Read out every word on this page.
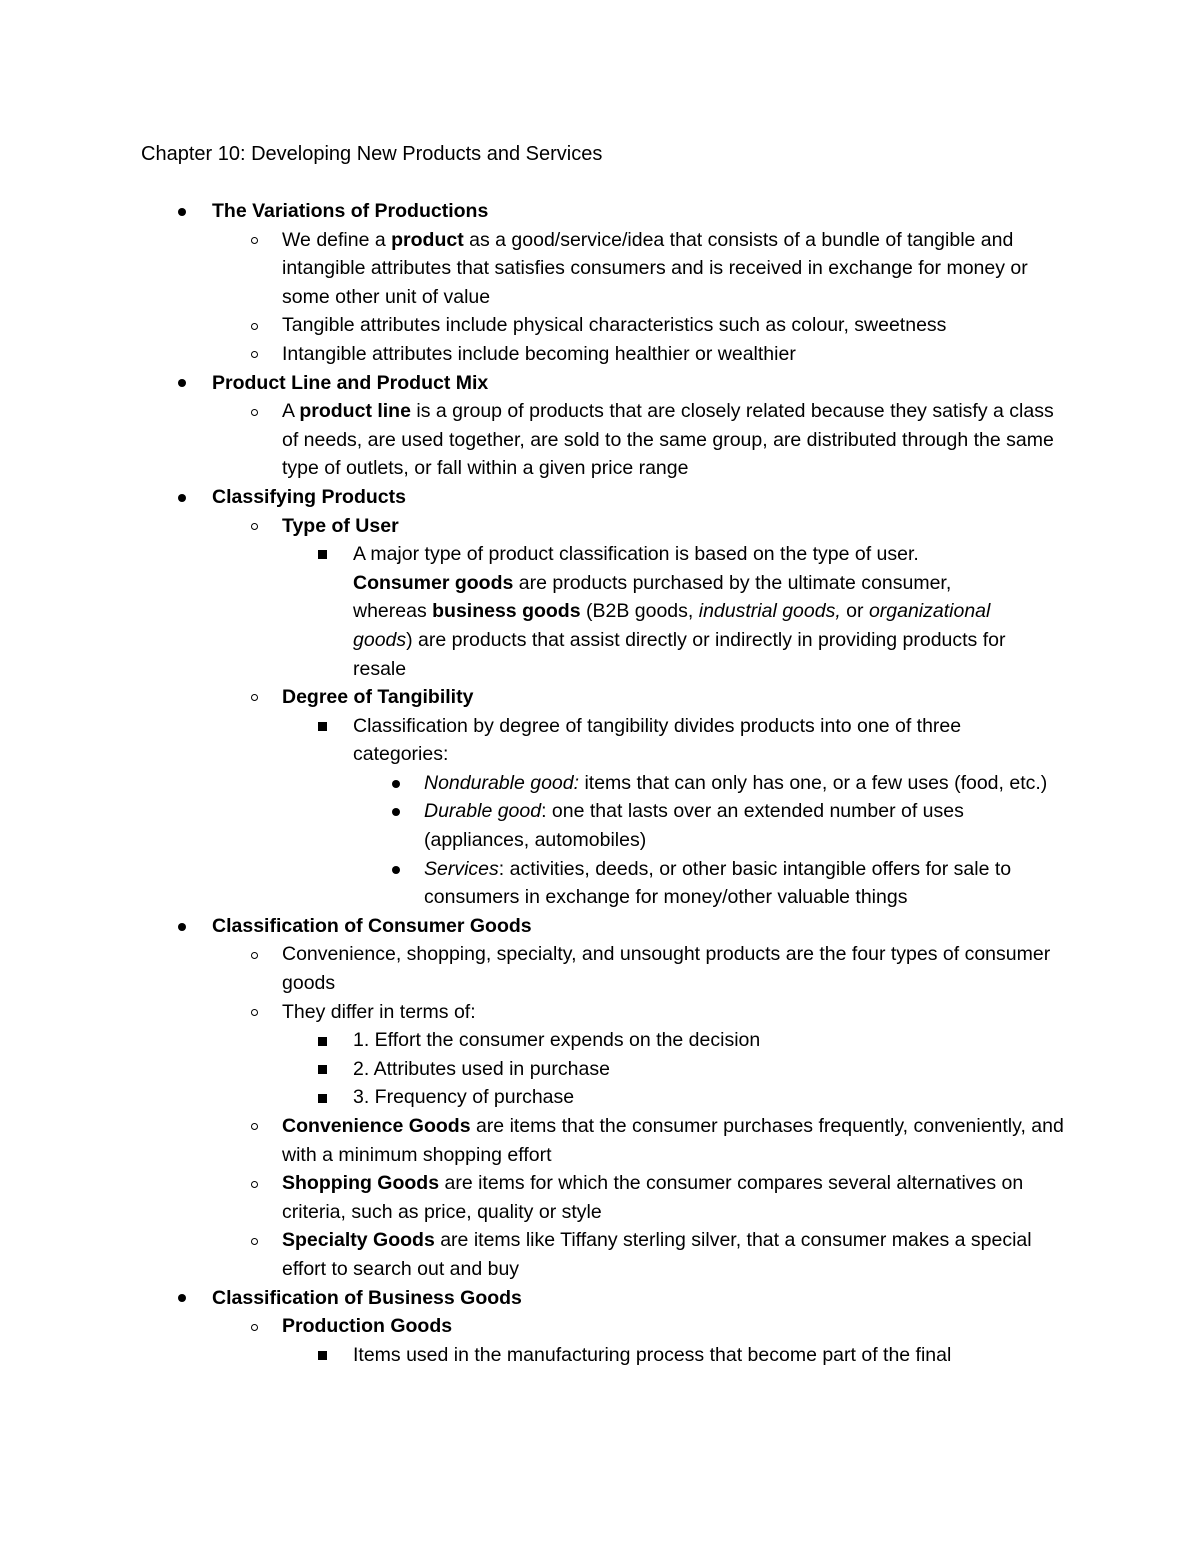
Chapter 10: Developing New Products and Services
The Variations of Productions
We define a product as a good/service/idea that consists of a bundle of tangible and intangible attributes that satisfies consumers and is received in exchange for money or some other unit of value
Tangible attributes include physical characteristics such as colour, sweetness
Intangible attributes include becoming healthier or wealthier
Product Line and Product Mix
A product line is a group of products that are closely related because they satisfy a class of needs, are used together, are sold to the same group, are distributed through the same type of outlets, or fall within a given price range
Classifying Products
Type of User
A major type of product classification is based on the type of user. Consumer goods are products purchased by the ultimate consumer, whereas business goods (B2B goods, industrial goods, or organizational goods) are products that assist directly or indirectly in providing products for resale
Degree of Tangibility
Classification by degree of tangibility divides products into one of three categories:
Nondurable good: items that can only has one, or a few uses (food, etc.)
Durable good: one that lasts over an extended number of uses (appliances, automobiles)
Services: activities, deeds, or other basic intangible offers for sale to consumers in exchange for money/other valuable things
Classification of Consumer Goods
Convenience, shopping, specialty, and unsought products are the four types of consumer goods
They differ in terms of:
1. Effort the consumer expends on the decision
2. Attributes used in purchase
3. Frequency of purchase
Convenience Goods are items that the consumer purchases frequently, conveniently, and with a minimum shopping effort
Shopping Goods are items for which the consumer compares several alternatives on criteria, such as price, quality or style
Specialty Goods are items like Tiffany sterling silver, that a consumer makes a special effort to search out and buy
Classification of Business Goods
Production Goods
Items used in the manufacturing process that become part of the final
